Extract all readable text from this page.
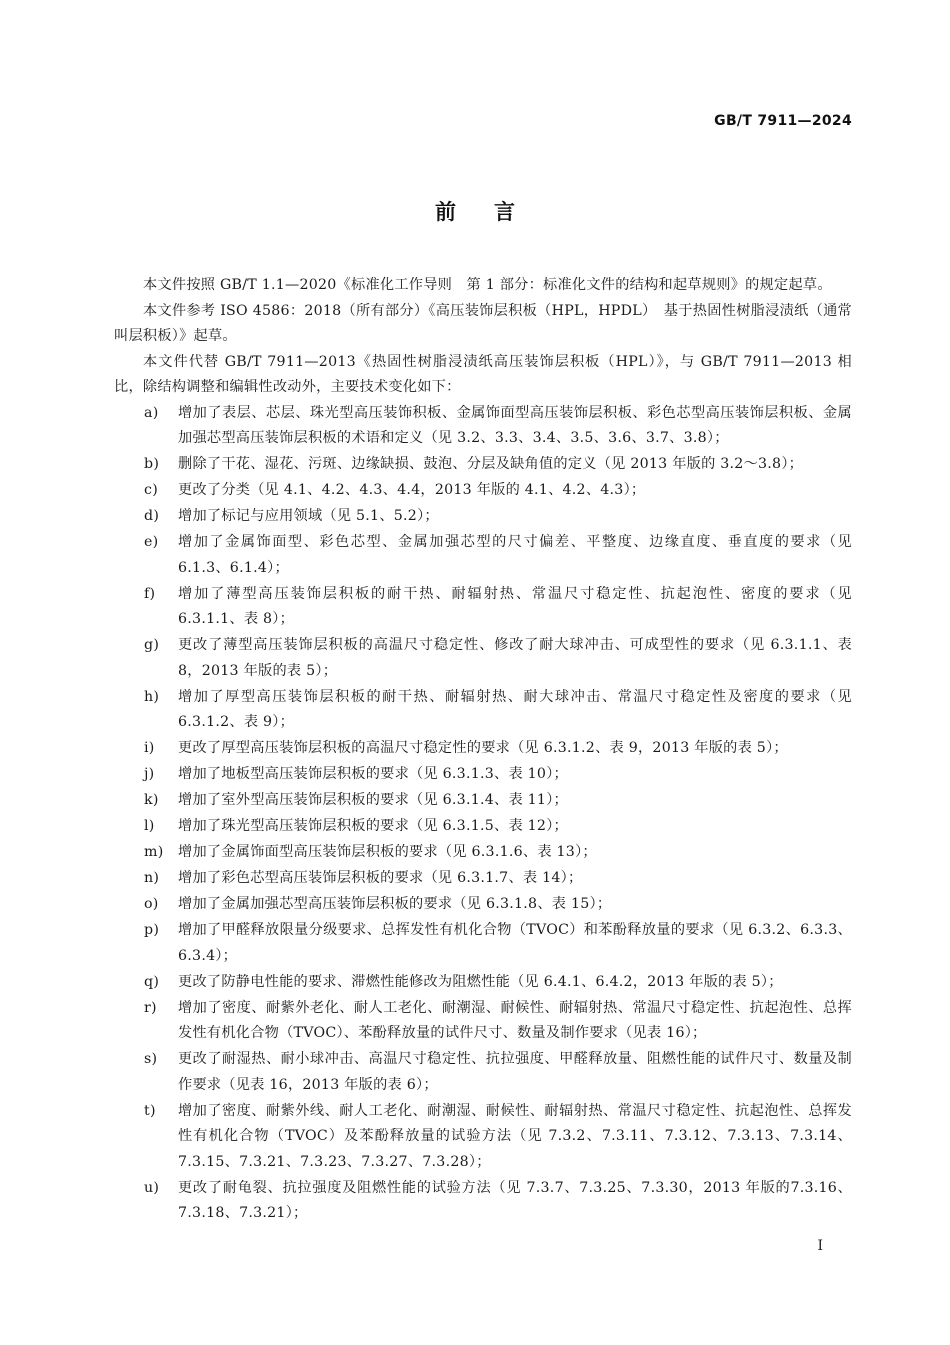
GB/T 7911—2024
前言

本文件按照 GB/T 1.1—2020《标准化工作导则　第 1 部分：标准化文件的结构和起草规则》的规定起草。

本文件参考 ISO 4586：2018（所有部分）《高压装饰层积板（HPL，HPDL）　基于热固性树脂浸渍纸（通常叫层积板）》起草。

本文件代替 GB/T 7911—2013《热固性树脂浸渍纸高压装饰层积板（HPL）》，与 GB/T 7911—2013 相比，除结构调整和编辑性改动外，主要技术变化如下：

a) 增加了表层、芯层、珠光型高压装饰积板、金属饰面型高压装饰层积板、彩色芯型高压装饰层积板、金属加强芯型高压装饰层积板的术语和定义（见 3.2、3.3、3.4、3.5、3.6、3.7、3.8）；
b) 删除了干花、湿花、污斑、边缘缺损、鼓泡、分层及缺角值的定义（见 2013 年版的 3.2～3.8）；
c) 更改了分类（见 4.1、4.2、4.3、4.4，2013 年版的 4.1、4.2、4.3）；
d) 增加了标记与应用领域（见 5.1、5.2）；
e) 增加了金属饰面型、彩色芯型、金属加强芯型的尺寸偏差、平整度、边缘直度、垂直度的要求（见 6.1.3、6.1.4）；
f) 增加了薄型高压装饰层积板的耐干热、耐辐射热、常温尺寸稳定性、抗起泡性、密度的要求（见 6.3.1.1、表 8）；
g) 更改了薄型高压装饰层积板的高温尺寸稳定性、修改了耐大球冲击、可成型性的要求（见 6.3.1.1、表 8，2013 年版的表 5）；
h) 增加了厚型高压装饰层积板的耐干热、耐辐射热、耐大球冲击、常温尺寸稳定性及密度的要求（见 6.3.1.2、表 9）；
i) 更改了厚型高压装饰层积板的高温尺寸稳定性的要求（见 6.3.1.2、表 9，2013 年版的表 5）；
j) 增加了地板型高压装饰层积板的要求（见 6.3.1.3、表 10）；
k) 增加了室外型高压装饰层积板的要求（见 6.3.1.4、表 11）；
l) 增加了珠光型高压装饰层积板的要求（见 6.3.1.5、表 12）；
m) 增加了金属饰面型高压装饰层积板的要求（见 6.3.1.6、表 13）；
n) 增加了彩色芯型高压装饰层积板的要求（见 6.3.1.7、表 14）；
o) 增加了金属加强芯型高压装饰层积板的要求（见 6.3.1.8、表 15）；
p) 增加了甲醛释放限量分级要求、总挥发性有机化合物（TVOC）和苯酚释放量的要求（见 6.3.2、6.3.3、6.3.4）；
q) 更改了防静电性能的要求、滞燃性能修改为阻燃性能（见 6.4.1、6.4.2，2013 年版的表 5）；
r) 增加了密度、耐紫外老化、耐人工老化、耐潮湿、耐候性、耐辐射热、常温尺寸稳定性、抗起泡性、总挥发性有机化合物（TVOC）、苯酚释放量的试件尺寸、数量及制作要求（见表 16）；
s) 更改了耐湿热、耐小球冲击、高温尺寸稳定性、抗拉强度、甲醛释放量、阻燃性能的试件尺寸、数量及制作要求（见表 16，2013 年版的表 6）；
t) 增加了密度、耐紫外线、耐人工老化、耐潮湿、耐候性、耐辐射热、常温尺寸稳定性、抗起泡性、总挥发性有机化合物（TVOC）及苯酚释放量的试验方法（见 7.3.2、7.3.11、7.3.12、7.3.13、7.3.14、7.3.15、7.3.21、7.3.23、7.3.27、7.3.28）；
u) 更改了耐龟裂、抗拉强度及阻燃性能的试验方法（见 7.3.7、7.3.25、7.3.30，2013 年版的7.3.16、7.3.18、7.3.21）；
I
